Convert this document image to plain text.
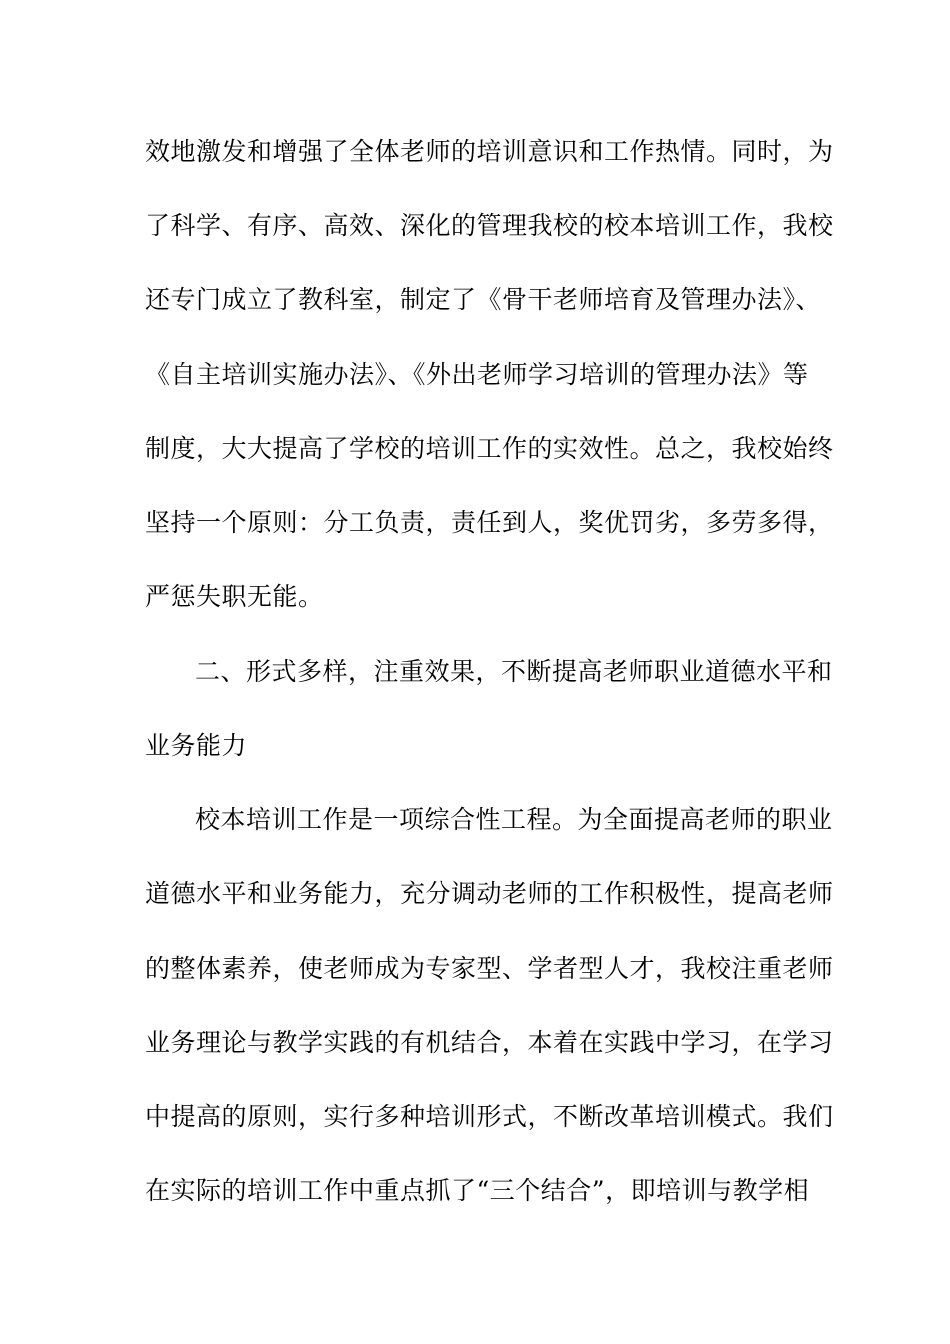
效地激发和增强了全体老师的培训意识和工作热情。同时，为
了科学、有序、高效、深化的管理我校的校本培训工作，我校
还专门成立了教科室，制定了《骨干老师培育及管理办法》、
《自主培训实施办法》、《外出老师学习培训的管理办法》等
制度，大大提高了学校的培训工作的实效性。总之，我校始终
坚持一个原则：分工负责，责任到人，奖优罚劣，多劳多得，
严惩失职无能。
二、形式多样，注重效果，不断提高老师职业道德水平和
业务能力
校本培训工作是一项综合性工程。为全面提高老师的职业
道德水平和业务能力，充分调动老师的工作积极性，提高老师
的整体素养，使老师成为专家型、学者型人才，我校注重老师
业务理论与教学实践的有机结合，本着在实践中学习，在学习
中提高的原则，实行多种培训形式，不断改革培训模式。我们
在实际的培训工作中重点抓了“三个结合”，即培训与教学相
